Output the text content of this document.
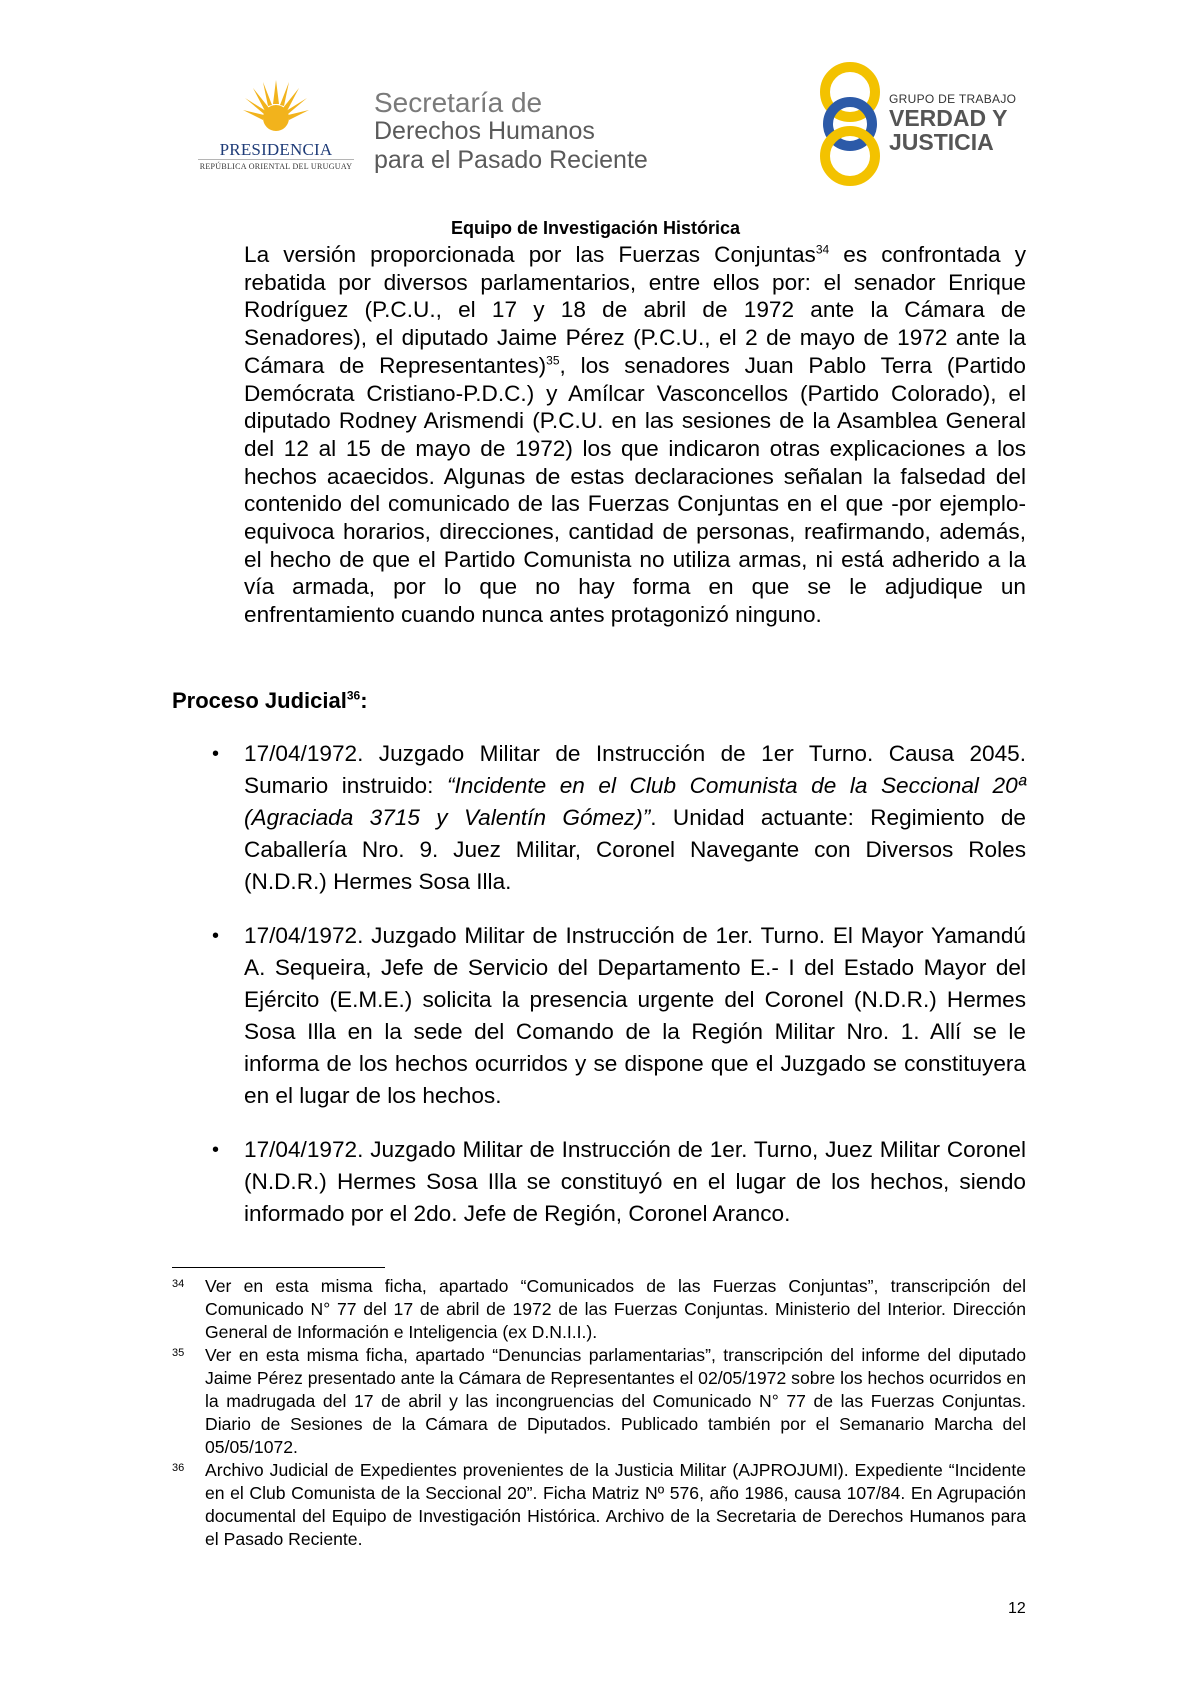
PRESIDENCIA
REPÚBLICA ORIENTAL DEL URUGUAY
Secretaría de
Derechos Humanos
para el Pasado Reciente
GRUPO DE TRABAJO
VERDAD Y
JUSTICIA
Equipo de Investigación Histórica
La versión proporcionada por las Fuerzas Conjuntas$^{34}$ es confrontada y rebatida por diversos parlamentarios, entre ellos por: el senador Enrique Rodríguez (P.C.U., el 17 y 18 de abril de 1972 ante la Cámara de Senadores), el diputado Jaime Pérez (P.C.U., el 2 de mayo de 1972 ante la Cámara de Representantes)$^{35}$, los senadores Juan Pablo Terra (Partido Demócrata Cristiano-P.D.C.) y Amílcar Vasconcellos (Partido Colorado), el diputado Rodney Arismendi (P.C.U. en las sesiones de la Asamblea General del 12 al 15 de mayo de 1972) los que indicaron otras explicaciones a los hechos acaecidos. Algunas de estas declaraciones señalan la falsedad del contenido del comunicado de las Fuerzas Conjuntas en el que -por ejemplo- equivoca horarios, direcciones, cantidad de personas, reafirmando, además, el hecho de que el Partido Comunista no utiliza armas, ni está adherido a la vía armada, por lo que no hay forma en que se le adjudique un enfrentamiento cuando nunca antes protagonizó ninguno.
Proceso Judicial$^{36}$:
• 17/04/1972. Juzgado Militar de Instrucción de 1er Turno. Causa 2045. Sumario instruido: “Incidente en el Club Comunista de la Seccional 20ª (Agraciada 3715 y Valentín Gómez)”. Unidad actuante: Regimiento de Caballería Nro. 9. Juez Militar, Coronel Navegante con Diversos Roles (N.D.R.) Hermes Sosa Illa.
• 17/04/1972. Juzgado Militar de Instrucción de 1er. Turno. El Mayor Yamandú A. Sequeira, Jefe de Servicio del Departamento E.- I del Estado Mayor del Ejército (E.M.E.) solicita la presencia urgente del Coronel (N.D.R.) Hermes Sosa Illa en la sede del Comando de la Región Militar Nro. 1. Allí se le informa de los hechos ocurridos y se dispone que el Juzgado se constituyera en el lugar de los hechos.
• 17/04/1972. Juzgado Militar de Instrucción de 1er. Turno, Juez Militar Coronel (N.D.R.) Hermes Sosa Illa se constituyó en el lugar de los hechos, siendo informado por el 2do. Jefe de Región, Coronel Aranco.
34 Ver en esta misma ficha, apartado “Comunicados de las Fuerzas Conjuntas”, transcripción del Comunicado N° 77 del 17 de abril de 1972 de las Fuerzas Conjuntas. Ministerio del Interior. Dirección General de Información e Inteligencia (ex D.N.I.I.).
35 Ver en esta misma ficha, apartado “Denuncias parlamentarias”, transcripción del informe del diputado Jaime Pérez presentado ante la Cámara de Representantes el 02/05/1972 sobre los hechos ocurridos en la madrugada del 17 de abril y las incongruencias del Comunicado N° 77 de las Fuerzas Conjuntas. Diario de Sesiones de la Cámara de Diputados. Publicado también por el Semanario Marcha del 05/05/1072.
36 Archivo Judicial de Expedientes provenientes de la Justicia Militar (AJPROJUMI). Expediente “Incidente en el Club Comunista de la Seccional 20”. Ficha Matriz Nº 576, año 1986, causa 107/84. En Agrupación documental del Equipo de Investigación Histórica. Archivo de la Secretaria de Derechos Humanos para el Pasado Reciente.
12
